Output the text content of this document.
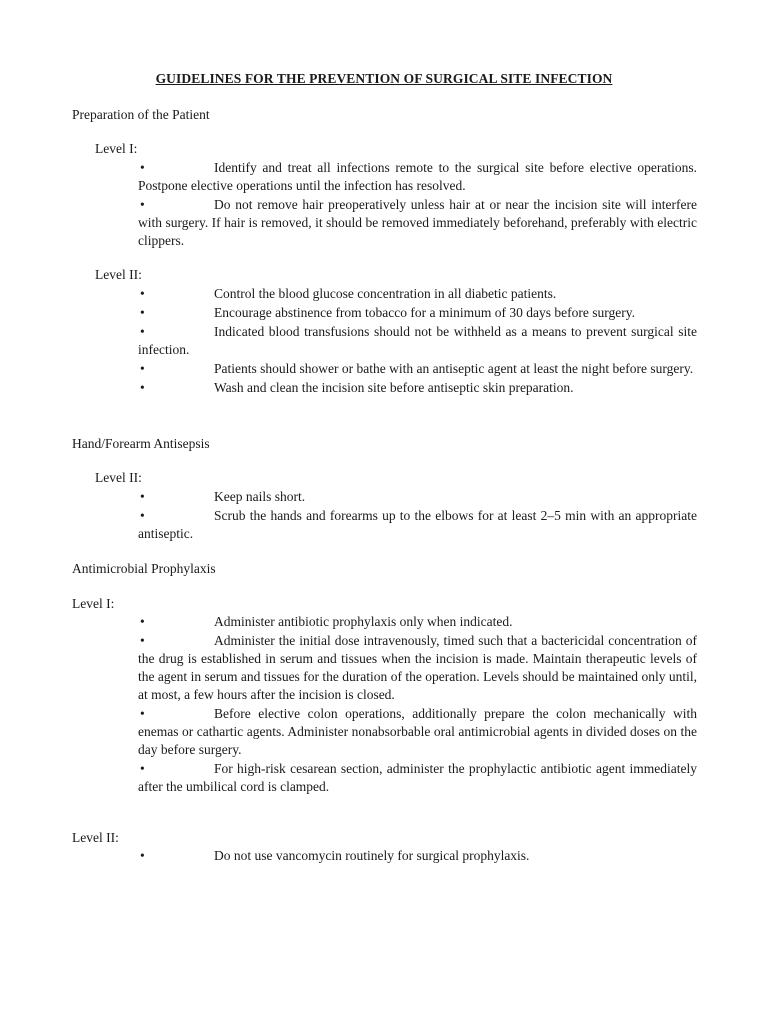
GUIDELINES FOR THE PREVENTION OF SURGICAL SITE INFECTION
Preparation of the Patient
Level I:

•	Identify and treat all infections remote to the surgical site before elective operations. Postpone elective operations until the infection has resolved.

•	Do not remove hair preoperatively unless hair at or near the incision site will interfere with surgery. If hair is removed, it should be removed immediately beforehand, preferably with electric clippers.

Level II:

•	Control the blood glucose concentration in all diabetic patients.

•	Encourage abstinence from tobacco for a minimum of 30 days before surgery.

•	Indicated blood transfusions should not be withheld as a means to prevent surgical site infection.

•	Patients should shower or bathe with an antiseptic agent at least the night before surgery.

•	Wash and clean the incision site before antiseptic skin preparation.

Hand/Forearm Antisepsis
Level II:

•	Keep nails short.

•	Scrub the hands and forearms up to the elbows for at least 2–5 min with an appropriate antiseptic.

Antimicrobial Prophylaxis
Level I:

•	Administer antibiotic prophylaxis only when indicated.

•	Administer the initial dose intravenously, timed such that a bactericidal concentration of the drug is established in serum and tissues when the incision is made. Maintain therapeutic levels of the agent in serum and tissues for the duration of the operation. Levels should be maintained only until, at most, a few hours after the incision is closed.

•	Before elective colon operations, additionally prepare the colon mechanically with enemas or cathartic agents. Administer nonabsorbable oral antimicrobial agents in divided doses on the day before surgery.

•	For high-risk cesarean section, administer the prophylactic antibiotic agent immediately after the umbilical cord is clamped.

Level II:

•	Do not use vancomycin routinely for surgical prophylaxis.
